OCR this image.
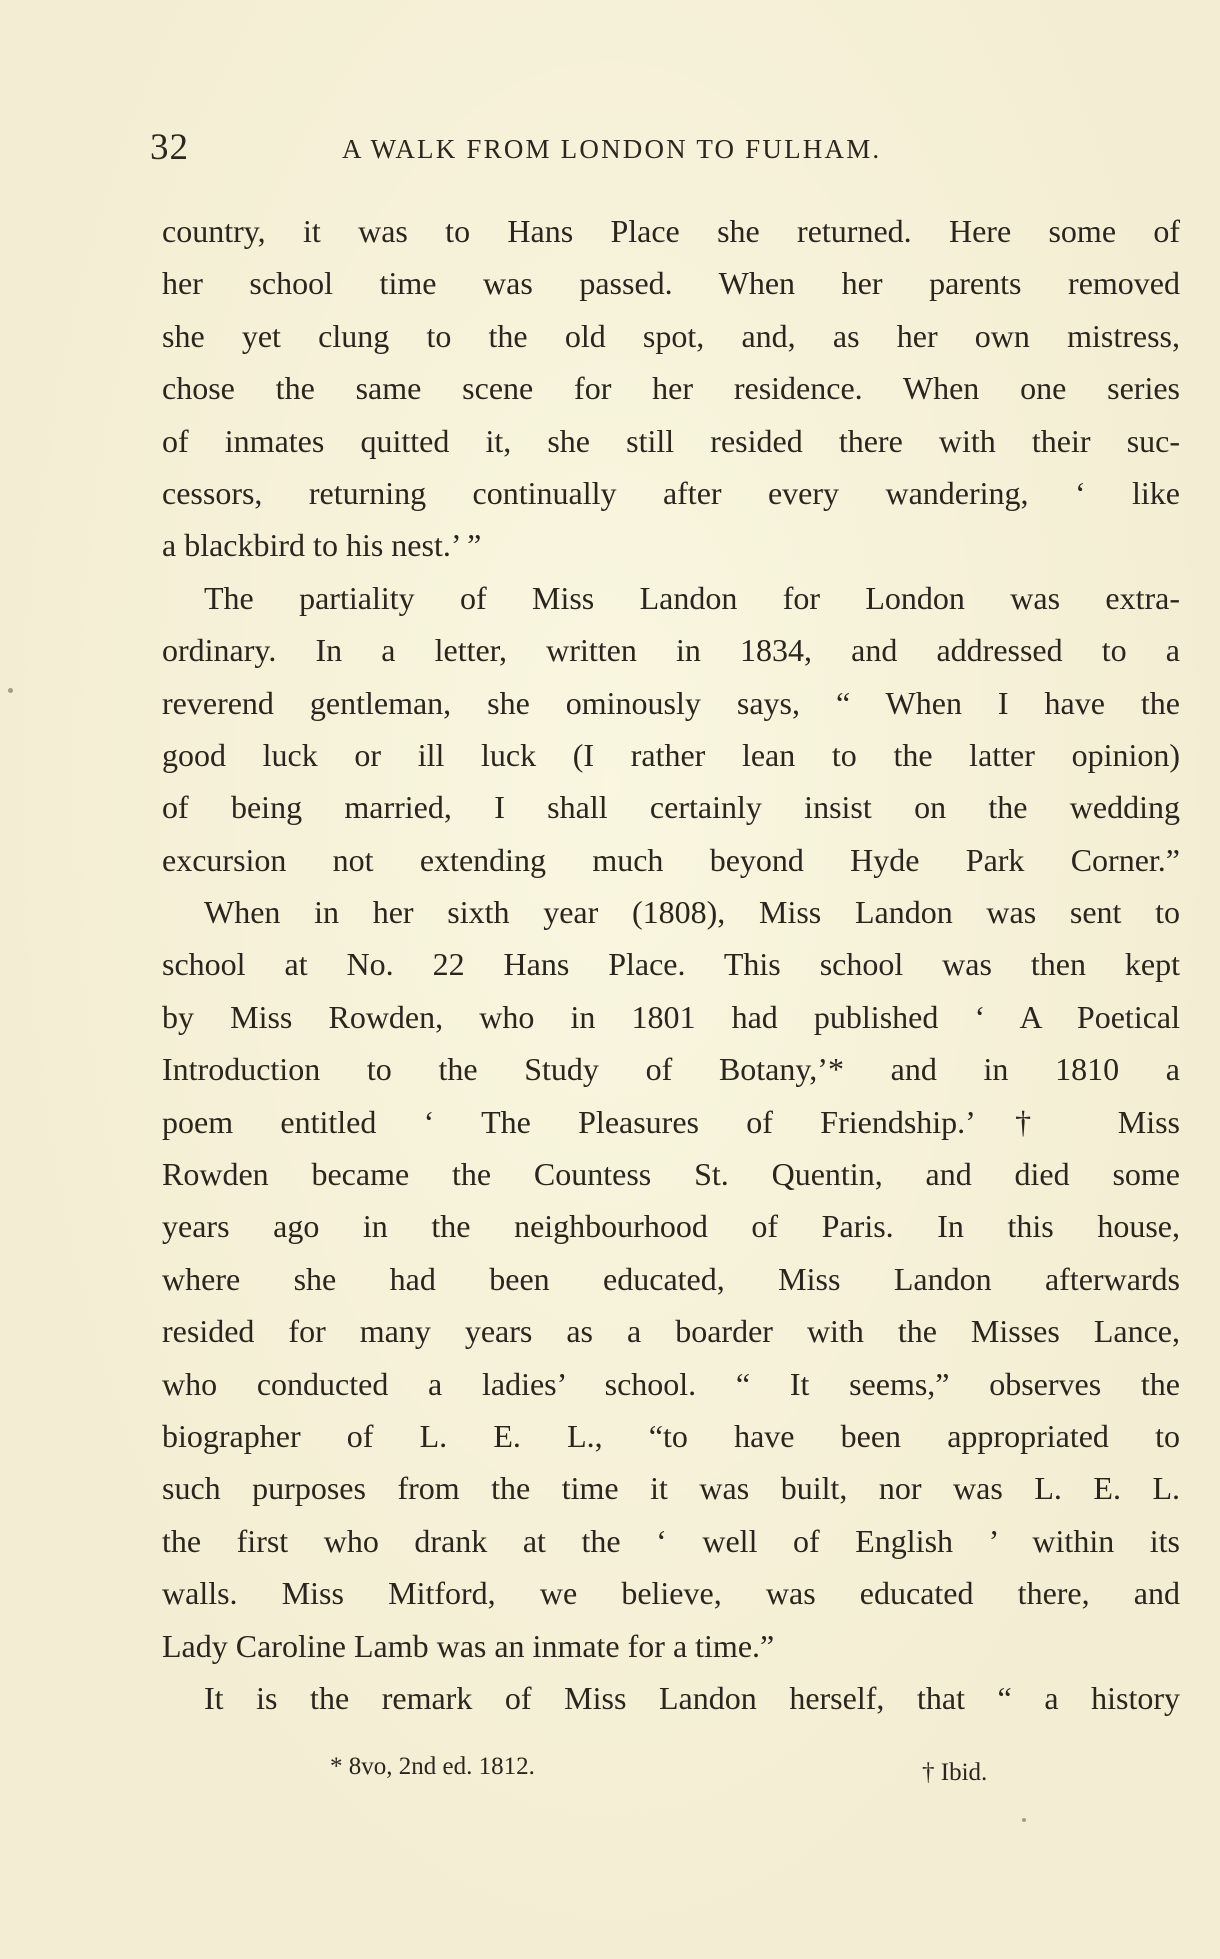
32	A WALK FROM LONDON TO FULHAM.
country, it was to Hans Place she returned. Here some of
her school time was passed. When her parents removed
she yet clung to the old spot, and, as her own mistress,
chose the same scene for her residence. When one series
of inmates quitted it, she still resided there with their suc-
cessors, returning continually after every wandering, ‘ like
a blackbird to his nest.’ ”
The partiality of Miss Landon for London was extra-
ordinary. In a letter, written in 1834, and addressed to a
reverend gentleman, she ominously says, “ When I have the
good luck or ill luck (I rather lean to the latter opinion)
of being married, I shall certainly insist on the wedding
excursion not extending much beyond Hyde Park Corner.”
When in her sixth year (1808), Miss Landon was sent to
school at No. 22 Hans Place. This school was then kept
by Miss Rowden, who in 1801 had published ‘ A Poetical
Introduction to the Study of Botany,’* and in 1810 a
poem entitled ‘ The Pleasures of Friendship.’† Miss
Rowden became the Countess St. Quentin, and died some
years ago in the neighbourhood of Paris. In this house,
where she had been educated, Miss Landon afterwards
resided for many years as a boarder with the Misses Lance,
who conducted a ladies’ school. “ It seems,” observes the
biographer of L. E. L., “to have been appropriated to
such purposes from the time it was built, nor was L. E. L.
the first who drank at the ‘ well of English ’ within its
walls. Miss Mitford, we believe, was educated there, and
Lady Caroline Lamb was an inmate for a time.”
It is the remark of Miss Landon herself, that “ a history
* 8vo, 2nd ed. 1812.	† Ibid.
